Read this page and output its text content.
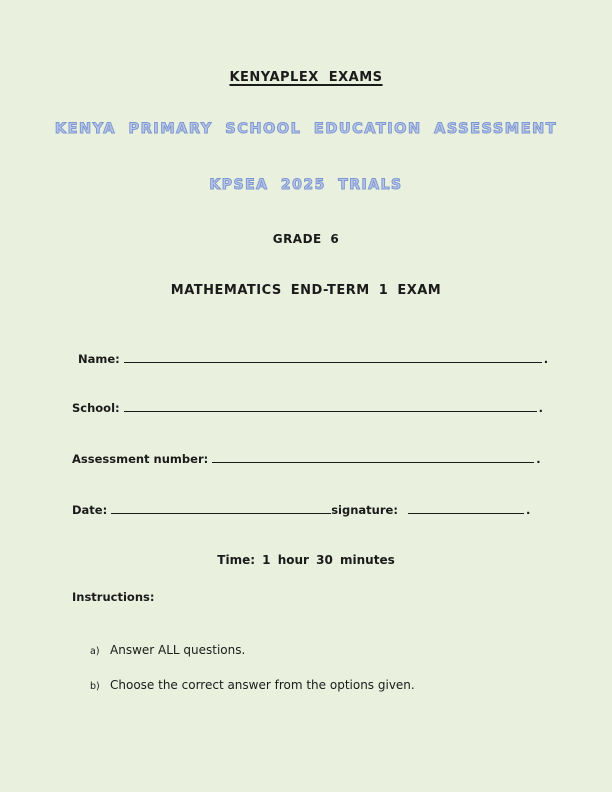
KENYAPLEX EXAMS
KENYA PRIMARY SCHOOL EDUCATION ASSESSMENT
KPSEA 2025 TRIALS
GRADE 6
MATHEMATICS END-TERM 1 EXAM
Name:	.
School:	.
Assessment number:	.
Date:	signature:	.
Time: 1 hour 30 minutes
Instructions:
a) Answer ALL questions.
b) Choose the correct answer from the options given.
